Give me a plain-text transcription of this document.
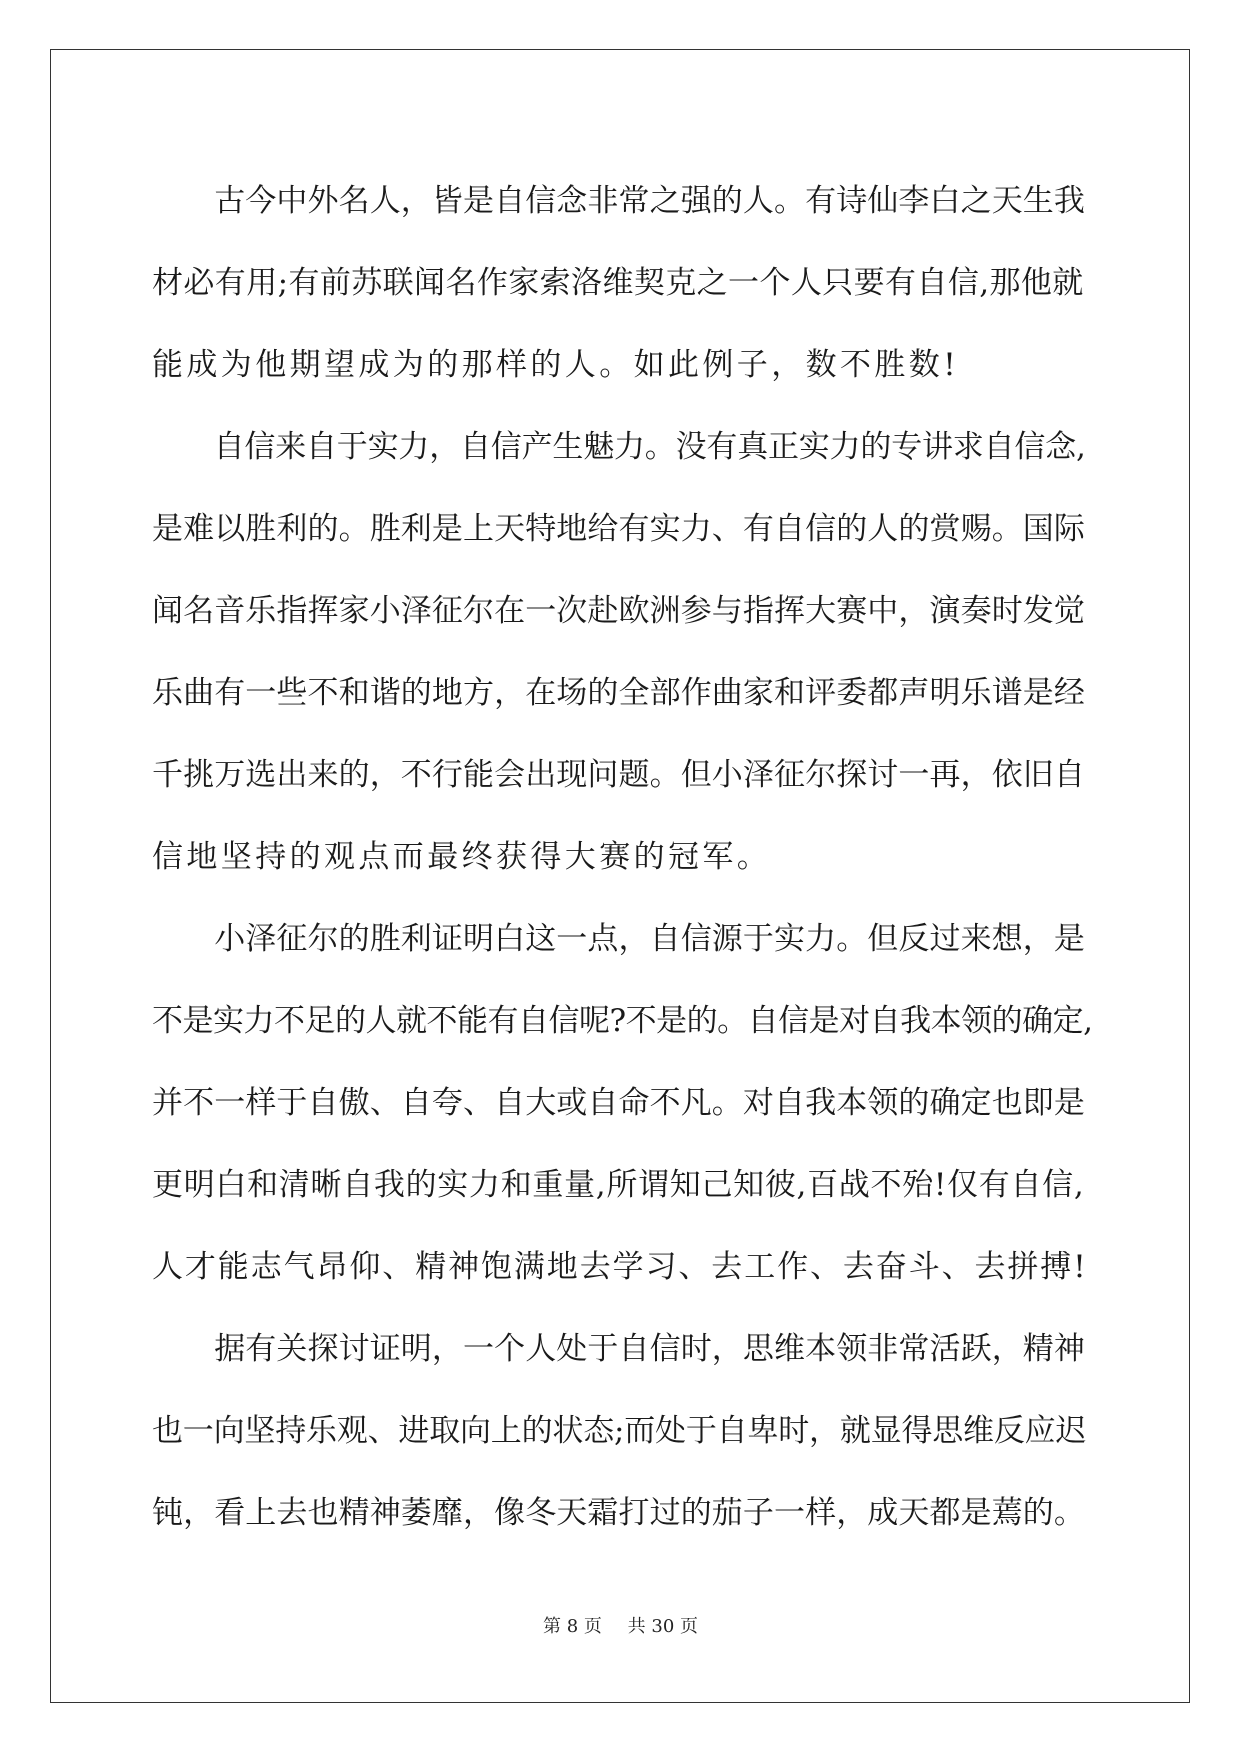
　　古今中外名人，皆是自信念非常之强的人。有诗仙李白之天生我
材必有用;有前苏联闻名作家索洛维契克之一个人只要有自信,那他就
能成为他期望成为的那样的人。如此例子，数不胜数!
　　自信来自于实力，自信产生魅力。没有真正实力的专讲求自信念,
是难以胜利的。胜利是上天特地给有实力、有自信的人的赏赐。国际
闻名音乐指挥家小泽征尔在一次赴欧洲参与指挥大赛中，演奏时发觉
乐曲有一些不和谐的地方，在场的全部作曲家和评委都声明乐谱是经
千挑万选出来的，不行能会出现问题。但小泽征尔探讨一再，依旧自
信地坚持的观点而最终获得大赛的冠军。
　　小泽征尔的胜利证明白这一点，自信源于实力。但反过来想，是
不是实力不足的人就不能有自信呢?不是的。自信是对自我本领的确定,
并不一样于自傲、自夸、自大或自命不凡。对自我本领的确定也即是
更明白和清晰自我的实力和重量,所谓知己知彼,百战不殆!仅有自信,
人才能志气昂仰、精神饱满地去学习、去工作、去奋斗、去拼搏!
　　据有关探讨证明，一个人处于自信时，思维本领非常活跃，精神
也一向坚持乐观、进取向上的状态;而处于自卑时，就显得思维反应迟
钝，看上去也精神萎靡，像冬天霜打过的茄子一样，成天都是蔫的。
第 8 页 共 30 页
